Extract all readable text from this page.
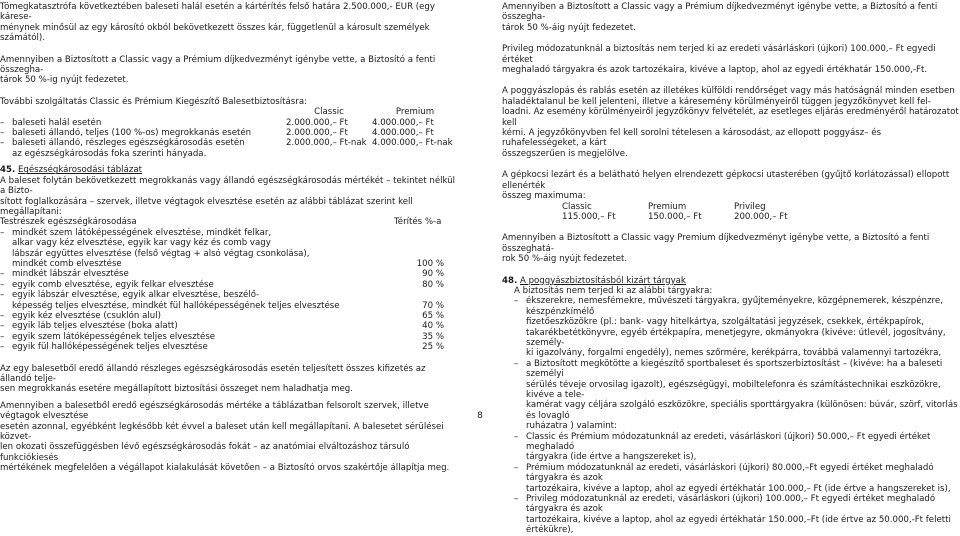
Tömegkatasztrófa következtében baleseti halál esetén a kártérítés felső határa 2.500.000,- EUR (egy kárese-

ménynek minősül az egy károsító okból bekövetkezett összes kár, függetlenül a károsult személyek számától).

Amennyiben a Biztosított a Classic vagy a Prémium díjkedvezményt igénybe vette, a Biztosító a fenti összegha-

tárok 50 %-ig nyújt fedezetet.

További szolgáltatás Classic és Prémium Kiegészítő Balesetbiztosításra:

Classic	Premium
– baleseti halál esetén	2.000.000,– Ft	4.000.000,– Ft
– baleseti állandó, teljes (100 %-os) megrokkanás esetén	2.000.000,– Ft	4.000.000,– Ft
– baleseti állandó, részleges egészségkárosodás esetén	2.000.000,– Ft-nak 4.000.000,– Ft-nak

az egészségkárosodás foka szerinti hányada.

45. Egészségkárosodási táblázat

A baleset folytán bekövetkezett megrokkanás vagy állandó egészségkárosodás mértékét – tekintet nélkül a Bizto-

sított foglalkozására – szervek, illetve végtagok elvesztése esetén az alábbi táblázat szerint kell megállapítani:

Testrészek egészségkárosodása	Térítés %-a
– mindkét szem látóképességének elvesztése, mindkét felkar,
alkar vagy kéz elvesztése, egyik kar vagy kéz és comb vagy
lábszár együttes elvesztése (felső végtag + alsó végtag csonkolása),
mindkét comb elvesztése	100 %
– mindkét lábszár elvesztése	90 %
– egyik comb elvesztése, egyik felkar elvesztése	80 %
– egyik lábszár elvesztése, egyik alkar elvesztése, beszélő-
képesség teljes elvesztése, mindkét fül hallóképességének teljes elvesztése	70 %
– egyik kéz elvesztése (csuklón alul)	65 %
– egyik láb teljes elvesztése (boka alatt)	40 %
– egyik szem látóképességének teljes elvesztése	35 %
– egyik fül hallóképességének teljes elvesztése	25 %

Az egy balesetből eredő állandó részleges egészségkárosodás esetén teljesített összes kifizetés az állandó telje-

sen megrokkanás esetére megállapított biztosítási összeget nem haladhatja meg.

Amennyiben a balesetből eredő egészségkárosodás mértéke a táblázatban felsorolt szervek, illetve végtagok elvesztése

esetén azonnal, egyébként legkésőbb két évvel a baleset után kell megállapítani. A balesetet sérülései közvet-

len okozati összefüggésben lévő egészségkárosodás fokát – az anatómiai elváltozáshoz társuló funkciókiesés

mértékének megfelelően a végállapot kialakulását követően – a Biztosító orvos szakértője állapítja meg.

8

Amennyiben a Biztosított a Classic vagy a Prémium díjkedvezményt igénybe vette, a Biztosító a fenti összegha-

tárok 50 %-áig nyújt fedezetet.

Privileg módozatunknál a biztosítás nem terjed ki az eredeti vásárláskori (újkori) 100.000,– Ft egyedi értéket

meghaladó tárgyakra és azok tartozékaira, kivéve a laptop, ahol az egyedi értékhatár 150.000,-Ft.

A poggyászlopás és rablás esetén az illetékes külföldi rendőrséget vagy más hatóságnál minden esetben

haladéktalanul be kell jelenteni, illetve a káresemény körülményeiről tüggen jegyzőkönyvet kell fel-

loadni. Az esemény körülményeiről jegyzőkönyv felvételét, az esetleges eljárás eredményéről határozatot kell

kérni. A jegyzőkönyvben fel kell sorolni tételesen a károsodást, az ellopott poggyász– és ruhafelességeket, a kárt

összegszerűen is megjelölve.

A gépkocsi lezárt és a belátható helyen elrendezett gépkocsi utasterében (gyűjtő korlátozással) ellopott ellenérték

összeg maximuma:

Classic	Premium	Privileg
115.000,– Ft	150.000,– Ft	200.000,– Ft

Amennyiben a Biztosított a Classic vagy Premium díjkedvezményt igénybe vette, a Biztosító a fenti összeghatá-

rok 50 %-áig nyújt fedezetet.

48. A poggyászbiztosításból kizárt tárgyak

A biztosítás nem terjed ki az alábbi tárgyakra:

– ékszerekre, nemesfémekre, művészeti tárgyakra, gyűjteményekre, közgépnemerek, készpénzre, készpénzkímélő

fizetőeszközökre (pl.: bank- vagy hitelkártya, szolgáltatási jegyzések, csekkek, értékpapírok,

takarékbetétkönyvre, egyéb értékpapíra, menetjegyre, okmányokra (kivéve: útlevél, jogosítvány, személy-

ki igazolvány, forgalmi engedély), nemes szőrmére, kerékpárra, továbbá valamennyi tartozékra,

– a Biztosított megkötötte a kiegészítő sportbaleset és sportszerbiztosítást – (kivéve: ha a baleseti személyi

sérülés téveje orvosilag igazolt), egészségügyi, mobiltelefonra és számítástechnikai eszközökre, kivéve a tele-

kamérat vagy céljára szolgáló eszközökre, speciális sporttárgyakra (különösen: búvár, szörf, vitorlás és lovagló

ruházatra ) valamint:

– Classic és Prémium módozatunknál az eredeti, vásárláskori (újkori) 50.000,– Ft egyedi értéket meghaladó

tárgyakra (ide értve a hangszereket is),

– Prémium módozatunknál az eredeti, vásárláskori (újkori) 80.000,–Ft egyedi értéket meghaladó tárgyakra és azok

tartozékaira, kivéve a laptop, ahol az egyedi értékhatár 100.000,– Ft (ide értve a hangszereket is),

– Privileg módozatunknál az eredeti, vásárláskori (újkori) 100.000,– Ft egyedi értéket meghaladó tárgyakra és azok

tartozékaira, kivéve a laptop, ahol az egyedi értékhatár 150.000,–Ft (ide értve az 50.000,-Ft feletti

értékükre),
